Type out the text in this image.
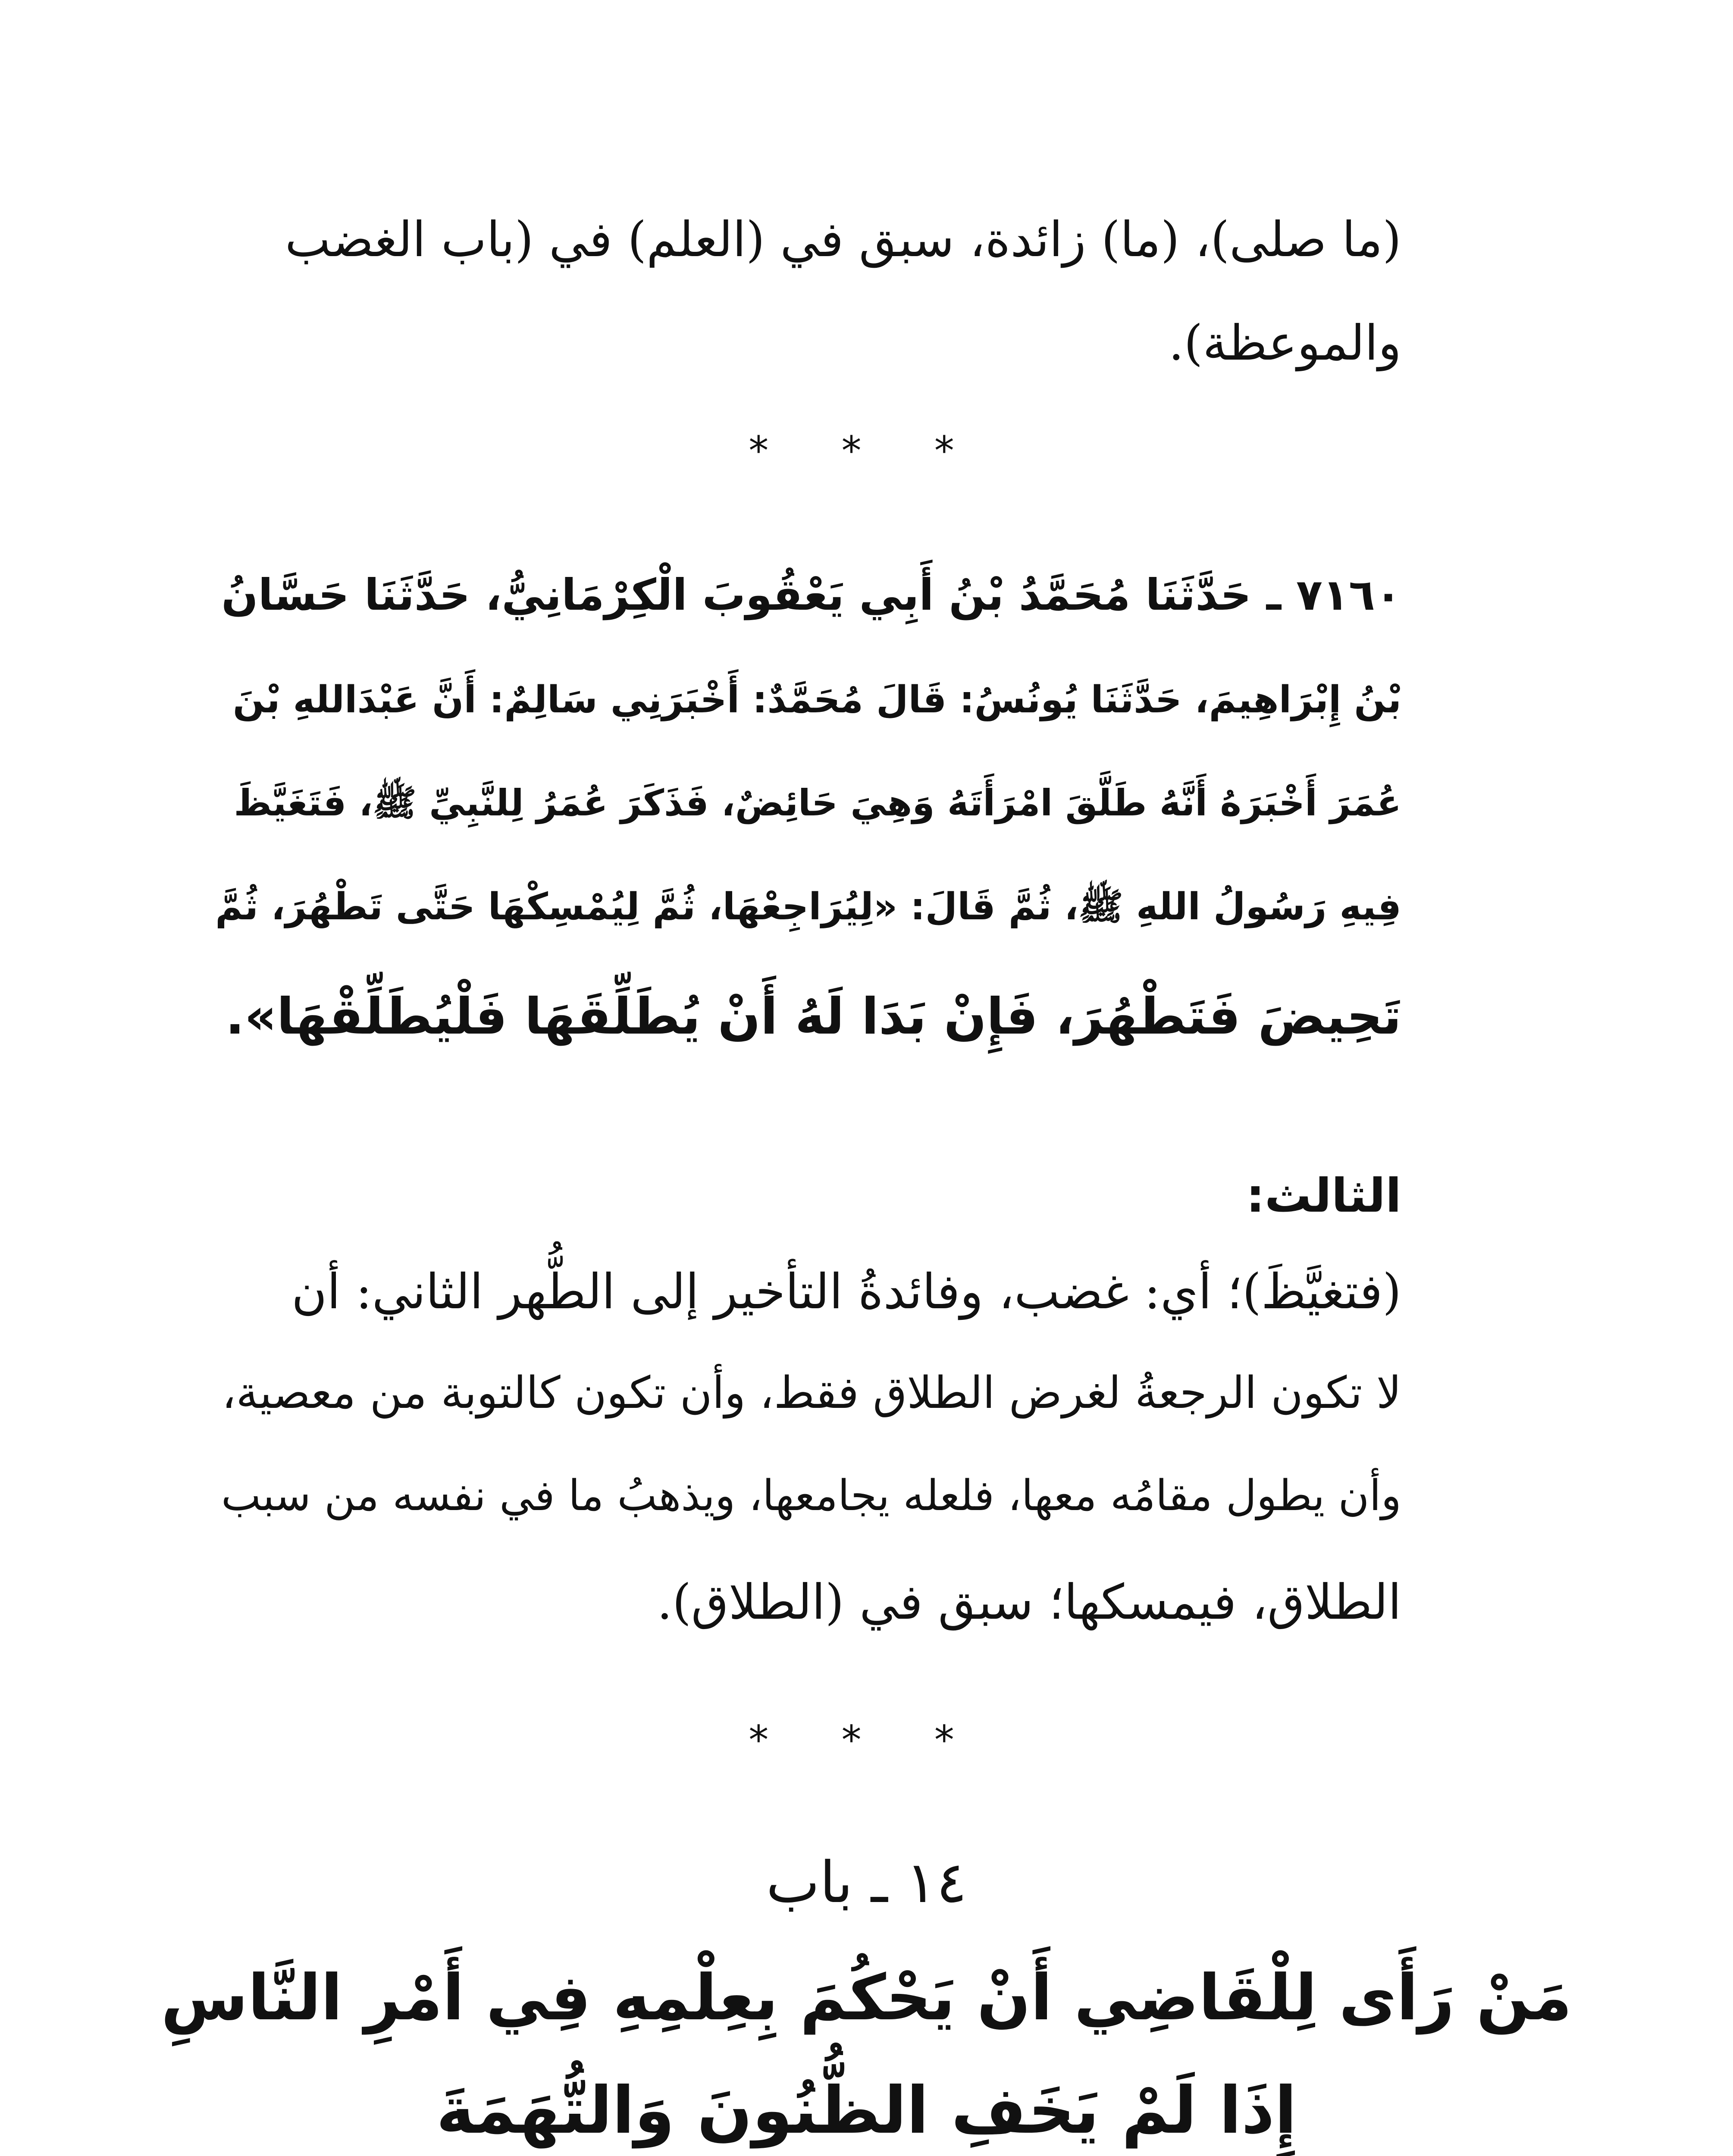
(ما صلى)، (ما) زائدة، سبق في (العلم) في (باب الغضب
والموعظة).
* * *
٧١٦٠ ـ حَدَّثَنَا مُحَمَّدُ بْنُ أَبِي يَعْقُوبَ الْكِرْمَانِيُّ، حَدَّثَنَا حَسَّانُ
بْنُ إِبْرَاهِيمَ، حَدَّثَنَا يُونُسُ: قَالَ مُحَمَّدٌ: أَخْبَرَنِي سَالِمٌ: أَنَّ عَبْدَاللهِ بْنَ
عُمَرَ أَخْبَرَهُ أَنَّهُ طَلَّقَ امْرَأَتَهُ وَهِيَ حَائِضٌ، فَذَكَرَ عُمَرُ لِلنَّبِيِّ ﷺ، فَتَغَيَّظَ
فِيهِ رَسُولُ اللهِ ﷺ، ثُمَّ قَالَ: «لِيُرَاجِعْهَا، ثُمَّ لِيُمْسِكْهَا حَتَّى تَطْهُرَ، ثُمَّ
تَحِيضَ فَتَطْهُرَ، فَإِنْ بَدَا لَهُ أَنْ يُطَلِّقَهَا فَلْيُطَلِّقْهَا».
الثالث:
(فتغيَّظَ)؛ أي: غضب، وفائدةُ التأخير إلى الطُّهر الثاني: أن
لا تكون الرجعةُ لغرض الطلاق فقط، وأن تكون كالتوبة من معصية،
وأن يطول مقامُه معها، فلعله يجامعها، ويذهبُ ما في نفسه من سبب
الطلاق، فيمسكها؛ سبق في (الطلاق).
* * *
١٤ ـ باب
مَنْ رَأَى لِلْقَاضِي أَنْ يَحْكُمَ بِعِلْمِهِ فِي أَمْرِ النَّاسِ
إِذَا لَمْ يَخَفِ الظُّنُونَ وَالتُّهَمَةَ
